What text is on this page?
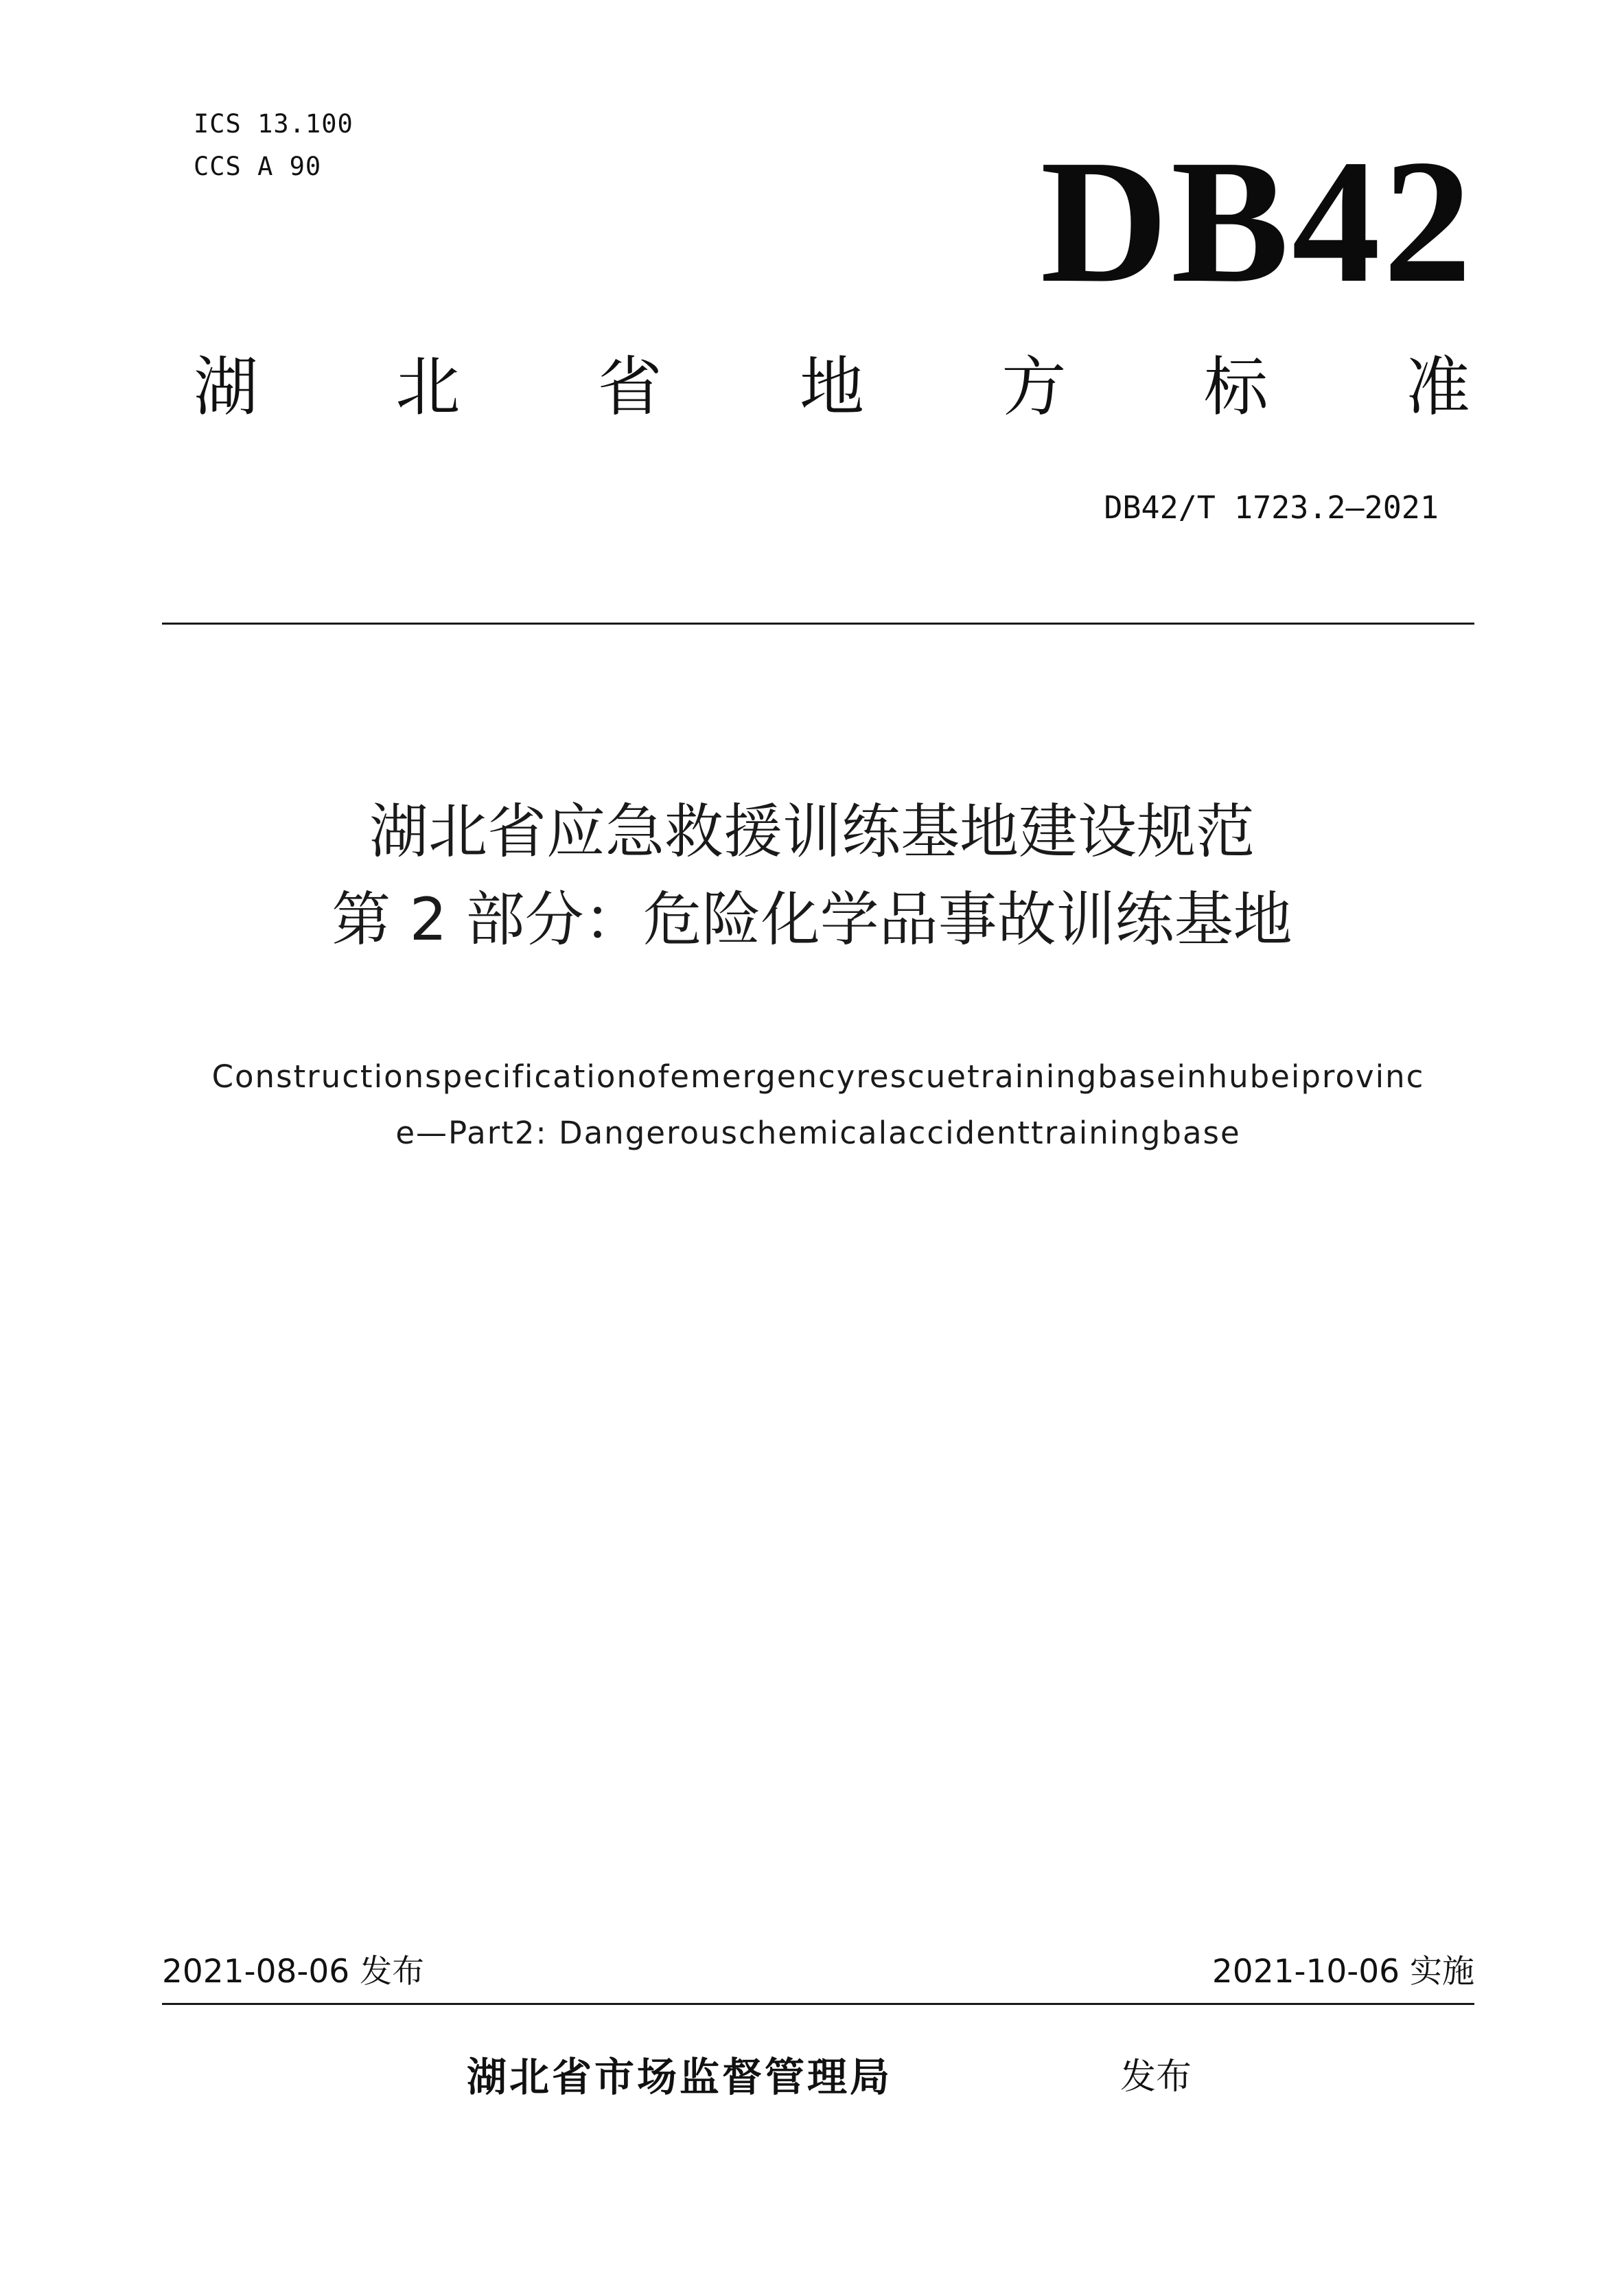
ICS 13.100
CCS A 90	DB42
湖 北 省 地 方 标 准
DB42/T 1723.2—2021
湖北省应急救援训练基地建设规范
第 2 部分：危险化学品事故训练基地
Constructionspecificationofemergencyrescuetrainingbaseinhubeiprovinc
e—Part2: Dangerouschemicalaccidenttrainingbase
2021-08-06 发布	2021-10-06 实施
湖北省市场监督管理局	发布
